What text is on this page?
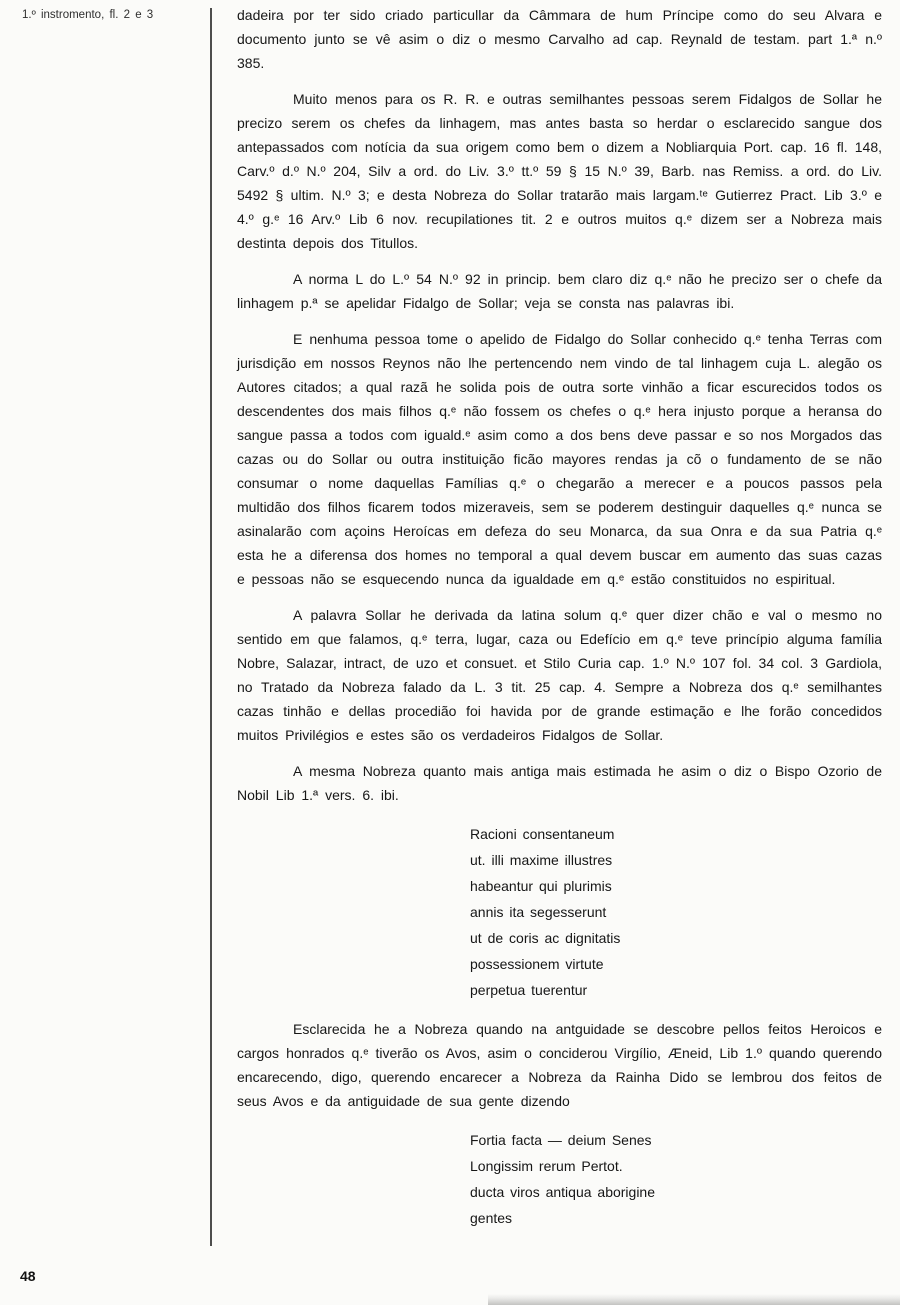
1.º instromento, fl. 2 e 3	dadeira por ter sido criado particullar da Câmmara de hum Príncipe como do seu Alvara e documento junto se vê asim o diz o mesmo Carvalho ad cap. Reynald de testam. part 1.ª n.º 385.

Muito menos para os R. R. e outras semilhantes pessoas serem Fidalgos de Sollar he precizo serem os chefes da linhagem, mas antes basta so herdar o esclarecido sangue dos antepassados com notícia da sua origem como bem o dizem a Nobliarquia Port. cap. 16 fl. 148, Carv.º d.º N.º 204, Silv a ord. do Liv. 3.º tt.º 59 § 15 N.º 39, Barb. nas Remiss. a ord. do Liv. 5492 § ultim. N.º 3; e desta Nobreza do Sollar tratarão mais largam.ᵗᵉ Gutierrez Pract. Lib 3.º e 4.º g.ᵉ 16 Arv.º Lib 6 nov. recupilationes tit. 2 e outros muitos q.ᵉ dizem ser a Nobreza mais destinta depois dos Titullos.

A norma L do L.º 54 N.º 92 in princip. bem claro diz q.ᵉ não he precizo ser o chefe da linhagem p.ª se apelidar Fidalgo de Sollar; veja se consta nas palavras ibi.

E nenhuma pessoa tome o apelido de Fidalgo do Sollar conhecido q.ᵉ tenha Terras com jurisdição em nossos Reynos não lhe pertencendo nem vindo de tal linhagem cuja L. alegão os Autores citados; a qual razã he solida pois de outra sorte vinhão a ficar escurecidos todos os descendentes dos mais filhos q.ᵉ não fossem os chefes o q.ᵉ hera injusto porque a heransa do sangue passa a todos com iguald.ᵉ asim como a dos bens deve passar e so nos Morgados das cazas ou do Sollar ou outra instituição ficão mayores rendas ja cõ o fundamento de se não consumar o nome daquellas Famílias q.ᵉ o chegarão a merecer e a poucos passos pela multidão dos filhos ficarem todos mizeraveis, sem se poderem destinguir daquelles q.ᵉ nunca se asinalarão com açoins Heroícas em defeza do seu Monarca, da sua Onra e da sua Patria q.ᵉ esta he a diferensa dos homes no temporal a qual devem buscar em aumento das suas cazas e pessoas não se esquecendo nunca da igualdade em q.ᵉ estão constituidos no espiritual.

A palavra Sollar he derivada da latina solum q.ᵉ quer dizer chão e val o mesmo no sentido em que falamos, q.ᵉ terra, lugar, caza ou Edefício em q.ᵉ teve princípio alguma família Nobre, Salazar, intract, de uzo et consuet. et Stilo Curia cap. 1.º N.º 107 fol. 34 col. 3 Gardiola, no Tratado da Nobreza falado da L. 3 tit. 25 cap. 4. Sempre a Nobreza dos q.ᵉ semilhantes cazas tinhão e dellas procedião foi havida por de grande estimação e lhe forão concedidos muitos Privilégios e estes são os verdadeiros Fidalgos de Sollar.

A mesma Nobreza quanto mais antiga mais estimada he asim o diz o Bispo Ozorio de Nobil Lib 1.ª vers. 6. ibi.

Racioni consentaneum
ut. illi maxime illustres
habeantur qui plurimis
annis ita segesserunt
ut de coris ac dignitatis
possessionem virtute
perpetua tuerentur

Esclarecida he a Nobreza quando na antguidade se descobre pellos feitos Heroicos e cargos honrados q.ᵉ tiverão os Avos, asim o conciderou Virgílio, Æneid, Lib 1.º quando querendo encarecendo, digo, querendo encarecer a Nobreza da Rainha Dido se lembrou dos feitos de seus Avos e da antiguidade de sua gente dizendo

Fortia facta — deium Senes
Longissim rerum Pertot.
ducta viros antiqua aborigine
gentes
48
